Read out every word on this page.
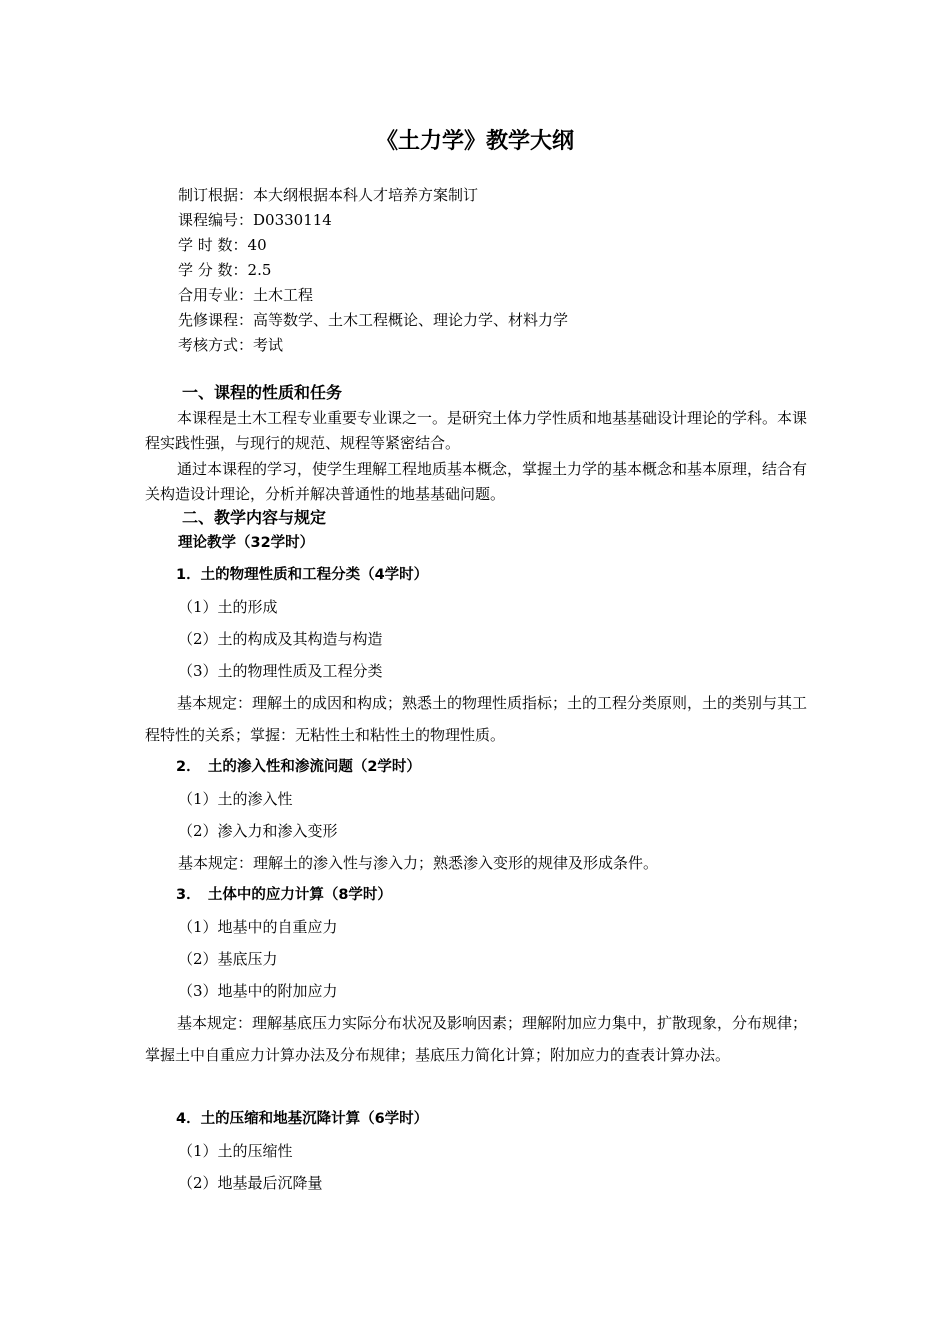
《土力学》教学大纲
制订根据：本大纲根据本科人才培养方案制订
课程编号：D0330114
学 时 数：40
学 分 数：2.5
合用专业：土木工程
先修课程：高等数学、土木工程概论、理论力学、材料力学
考核方式：考试
一、课程的性质和任务
本课程是土木工程专业重要专业课之一。是研究土体力学性质和地基基础设计理论的学科。本课程实践性强，与现行的规范、规程等紧密结合。
通过本课程的学习，使学生理解工程地质基本概念，掌握土力学的基本概念和基本原理，结合有关构造设计理论，分析并解决普通性的地基基础问题。
二、教学内容与规定
理论教学（32学时）
1．土的物理性质和工程分类（4学时）
（1）土的形成
（2）土的构成及其构造与构造
（3）土的物理性质及工程分类
基本规定：理解土的成因和构成；熟悉土的物理性质指标；土的工程分类原则，土的类别与其工程特性的关系；掌握：无粘性土和粘性土的物理性质。
2．　土的渗入性和渗流问题（2学时）
（1）土的渗入性
（2）渗入力和渗入变形
基本规定：理解土的渗入性与渗入力；熟悉渗入变形的规律及形成条件。
3．　土体中的应力计算（8学时）
（1）地基中的自重应力
（2）基底压力
（3）地基中的附加应力
基本规定：理解基底压力实际分布状况及影响因素；理解附加应力集中，扩散现象，分布规律；掌握土中自重应力计算办法及分布规律；基底压力简化计算；附加应力的查表计算办法。
4．土的压缩和地基沉降计算（6学时）
（1）土的压缩性
（2）地基最后沉降量
